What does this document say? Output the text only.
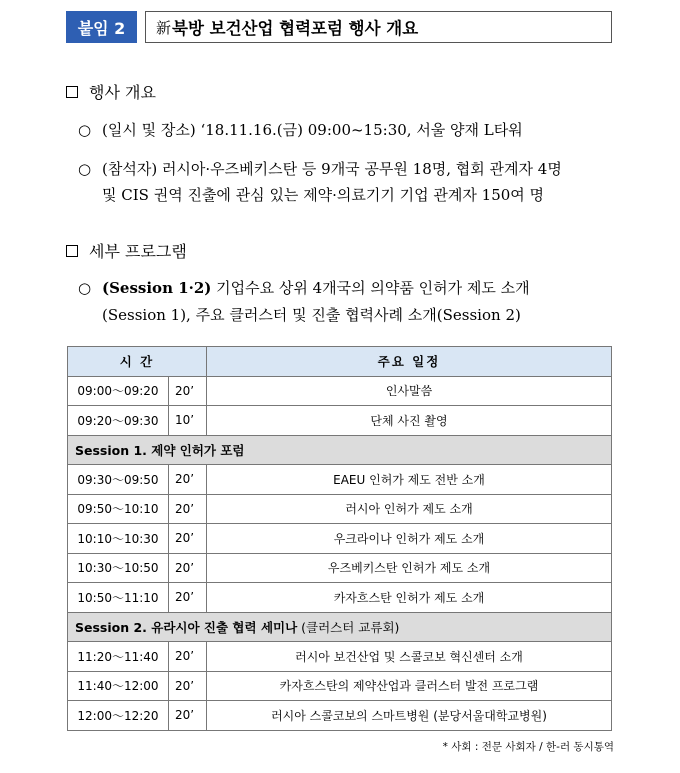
붙임 2	新 북방 보건산업 협력포럼 행사 개요
행사 개요
○ (일시 및 장소) ‘18.11.16.(금) 09:00~15:30, 서울 양재 L타워
○ (참석자) 러시아·우즈베키스탄 등 9개국 공무원 18명, 협회 관계자 4명
및 CIS 권역 진출에 관심 있는 제약·의료기기 기업 관계자 150여 명
세부 프로그램
○ (Session 1·2) 기업수요 상위 4개국의 의약품 인허가 제도 소개
(Session 1), 주요 클러스터 및 진출 협력사례 소개(Session 2)
시 간		주요 일정
09:00～09:20	20’	인사말씀
09:20～09:30	10’	단체 사진 촬영
Session 1. 제약 인허가 포럼		
09:30～09:50	20’	EAEU 인허가 제도 전반 소개
09:50～10:10	20’	러시아 인허가 제도 소개
10:10～10:30	20’	우크라이나 인허가 제도 소개
10:30～10:50	20’	우즈베키스탄 인허가 제도 소개
10:50～11:10	20’	카자흐스탄 인허가 제도 소개
Session 2. 유라시아 진출 협력 세미나 (클러스터 교류회)		
11:20～11:40	20’	러시아 보건산업 및 스콜코보 혁신센터 소개
11:40～12:00	20’	카자흐스탄의 제약산업과 클러스터 발전 프로그램
12:00～12:20	20’	러시아 스콜코보의 스마트병원 (분당서울대학교병원)
* 사회 : 전문 사회자 / 한-러 동시통역
